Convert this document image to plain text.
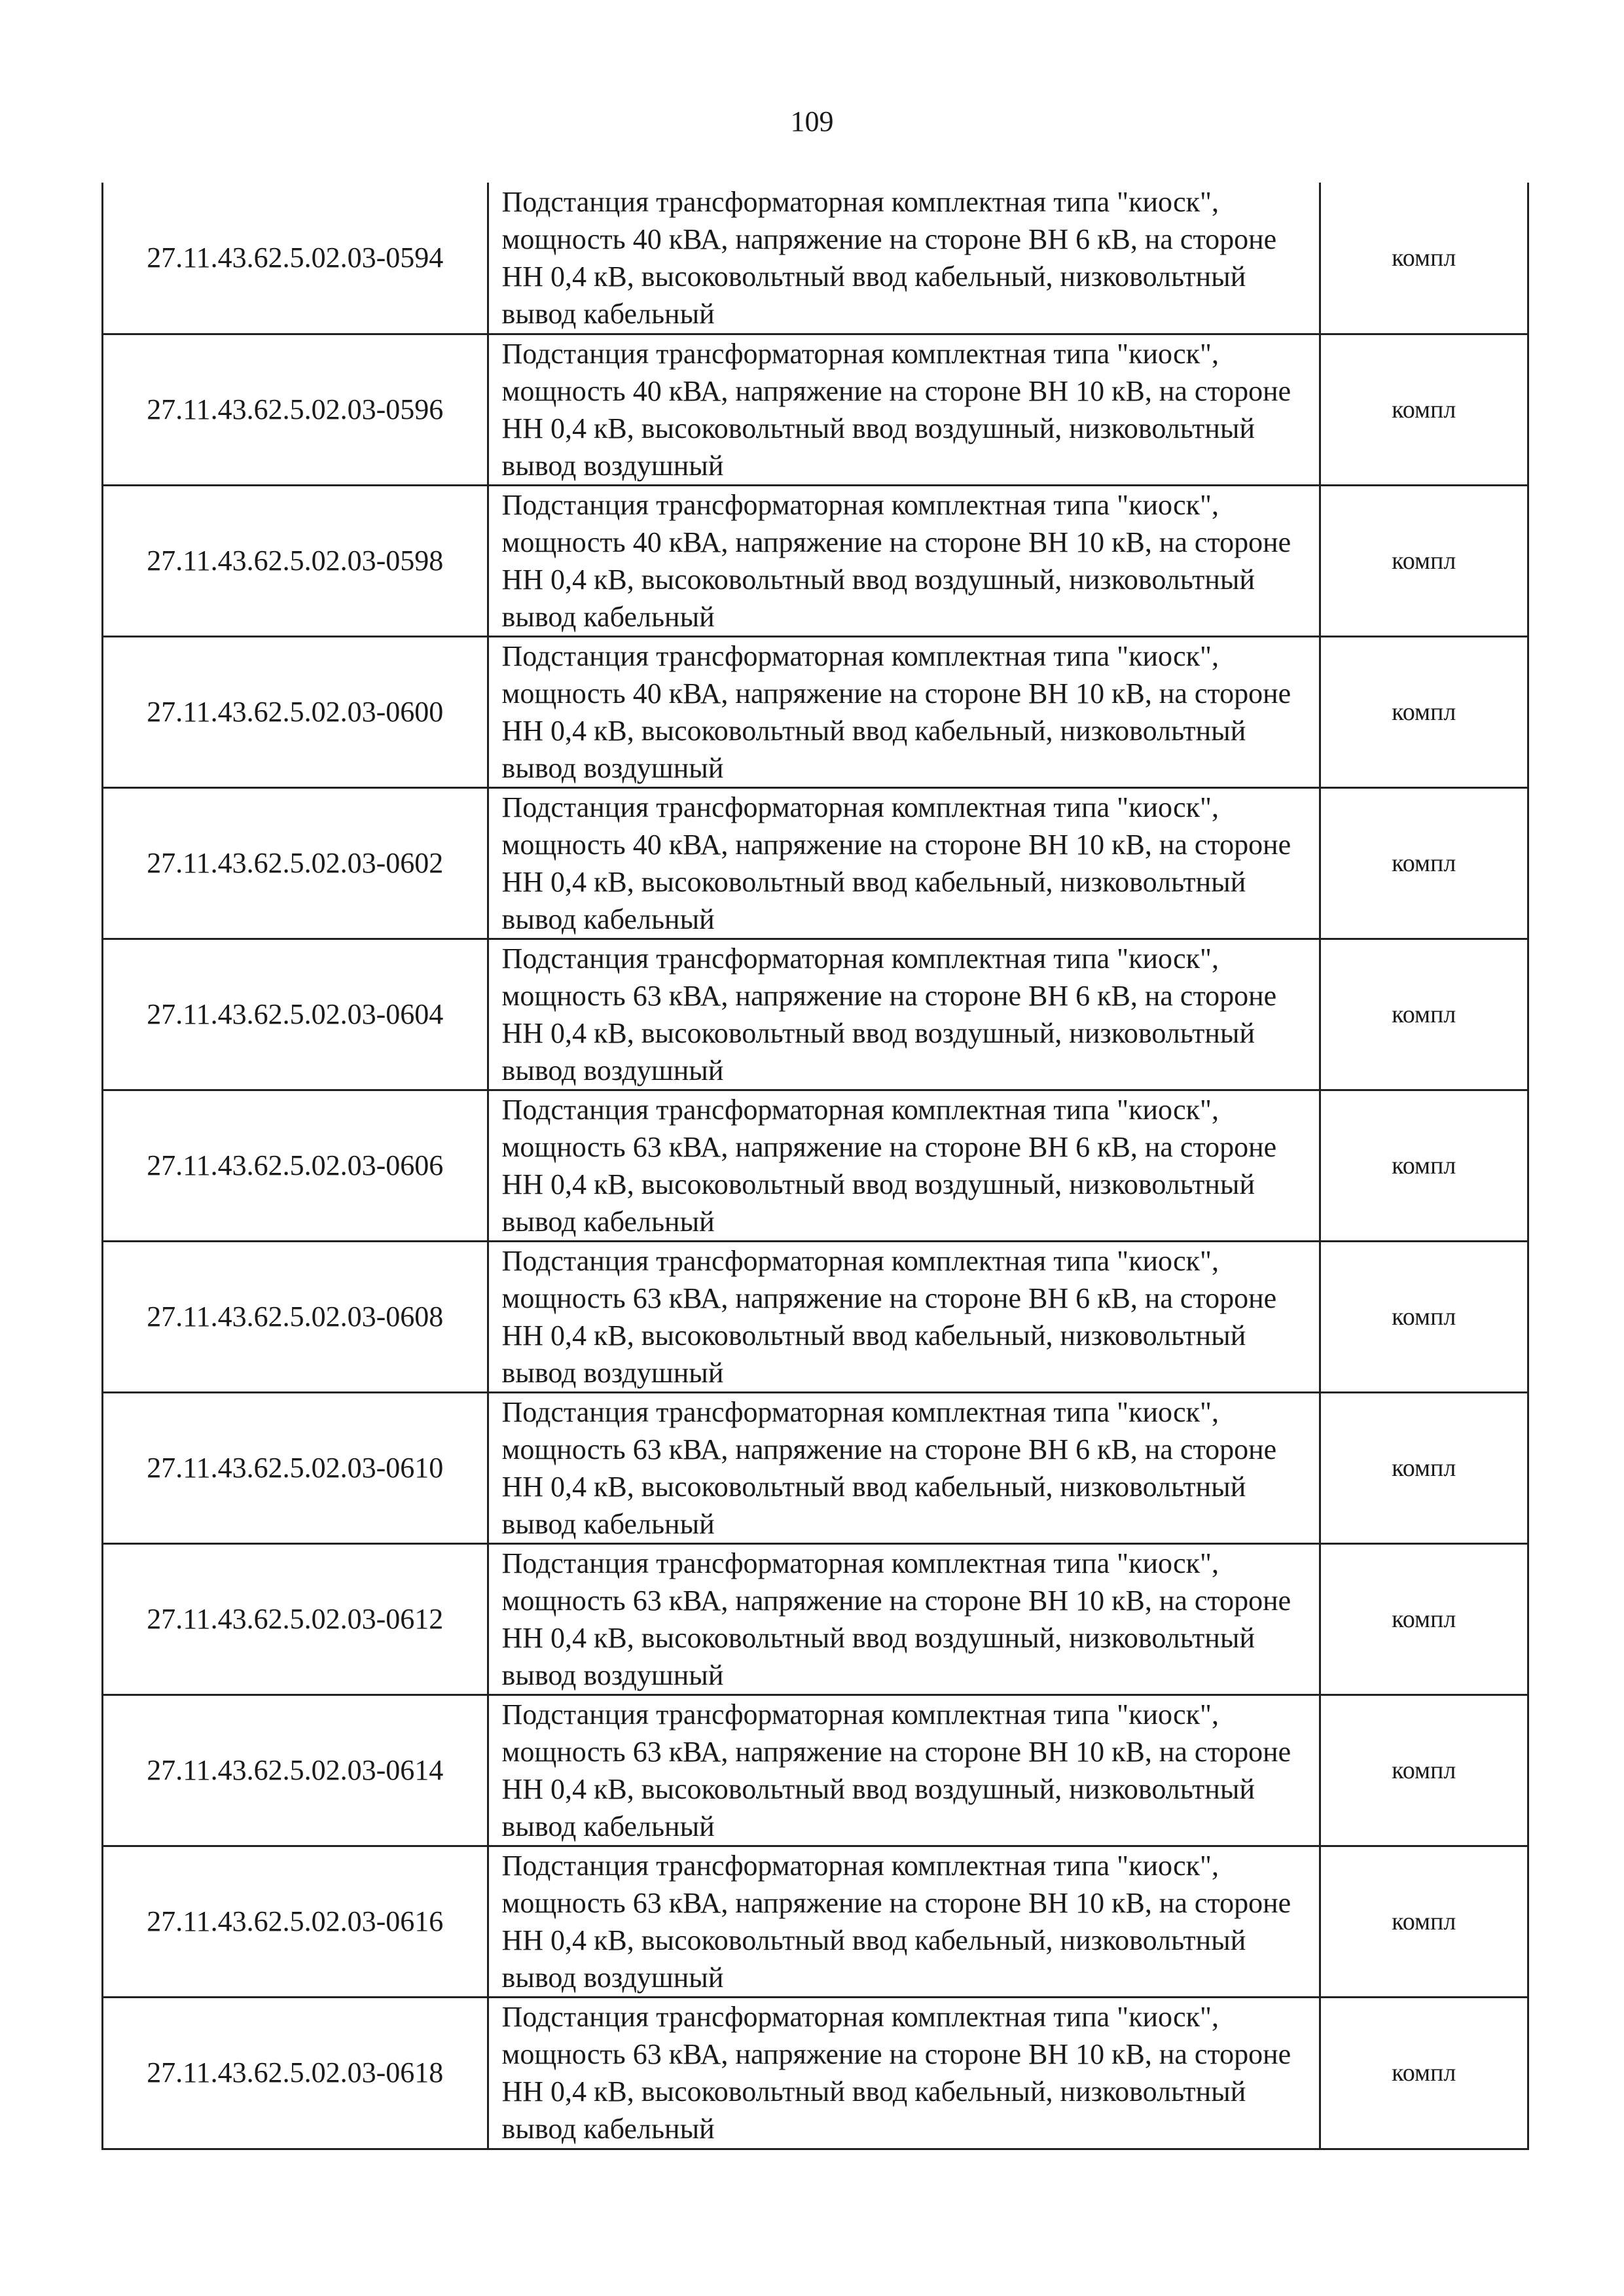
109
27.11.43.62.5.02.03-0594	Подстанция трансформаторная комплектная типа "киоск", мощность 40 кВА, напряжение на стороне ВН 6 кВ, на стороне НН 0,4 кВ, высоковольтный ввод кабельный, низковольтный вывод кабельный	компл
27.11.43.62.5.02.03-0596	Подстанция трансформаторная комплектная типа "киоск", мощность 40 кВА, напряжение на стороне ВН 10 кВ, на стороне НН 0,4 кВ, высоковольтный ввод воздушный, низковольтный вывод воздушный	компл
27.11.43.62.5.02.03-0598	Подстанция трансформаторная комплектная типа "киоск", мощность 40 кВА, напряжение на стороне ВН 10 кВ, на стороне НН 0,4 кВ, высоковольтный ввод воздушный, низковольтный вывод кабельный	компл
27.11.43.62.5.02.03-0600	Подстанция трансформаторная комплектная типа "киоск", мощность 40 кВА, напряжение на стороне ВН 10 кВ, на стороне НН 0,4 кВ, высоковольтный ввод кабельный, низковольтный вывод воздушный	компл
27.11.43.62.5.02.03-0602	Подстанция трансформаторная комплектная типа "киоск", мощность 40 кВА, напряжение на стороне ВН 10 кВ, на стороне НН 0,4 кВ, высоковольтный ввод кабельный, низковольтный вывод кабельный	компл
27.11.43.62.5.02.03-0604	Подстанция трансформаторная комплектная типа "киоск", мощность 63 кВА, напряжение на стороне ВН 6 кВ, на стороне НН 0,4 кВ, высоковольтный ввод воздушный, низковольтный вывод воздушный	компл
27.11.43.62.5.02.03-0606	Подстанция трансформаторная комплектная типа "киоск", мощность 63 кВА, напряжение на стороне ВН 6 кВ, на стороне НН 0,4 кВ, высоковольтный ввод воздушный, низковольтный вывод кабельный	компл
27.11.43.62.5.02.03-0608	Подстанция трансформаторная комплектная типа "киоск", мощность 63 кВА, напряжение на стороне ВН 6 кВ, на стороне НН 0,4 кВ, высоковольтный ввод кабельный, низковольтный вывод воздушный	компл
27.11.43.62.5.02.03-0610	Подстанция трансформаторная комплектная типа "киоск", мощность 63 кВА, напряжение на стороне ВН 6 кВ, на стороне НН 0,4 кВ, высоковольтный ввод кабельный, низковольтный вывод кабельный	компл
27.11.43.62.5.02.03-0612	Подстанция трансформаторная комплектная типа "киоск", мощность 63 кВА, напряжение на стороне ВН 10 кВ, на стороне НН 0,4 кВ, высоковольтный ввод воздушный, низковольтный вывод воздушный	компл
27.11.43.62.5.02.03-0614	Подстанция трансформаторная комплектная типа "киоск", мощность 63 кВА, напряжение на стороне ВН 10 кВ, на стороне НН 0,4 кВ, высоковольтный ввод воздушный, низковольтный вывод кабельный	компл
27.11.43.62.5.02.03-0616	Подстанция трансформаторная комплектная типа "киоск", мощность 63 кВА, напряжение на стороне ВН 10 кВ, на стороне НН 0,4 кВ, высоковольтный ввод кабельный, низковольтный вывод воздушный	компл
27.11.43.62.5.02.03-0618	Подстанция трансформаторная комплектная типа "киоск", мощность 63 кВА, напряжение на стороне ВН 10 кВ, на стороне НН 0,4 кВ, высоковольтный ввод кабельный, низковольтный вывод кабельный	компл
